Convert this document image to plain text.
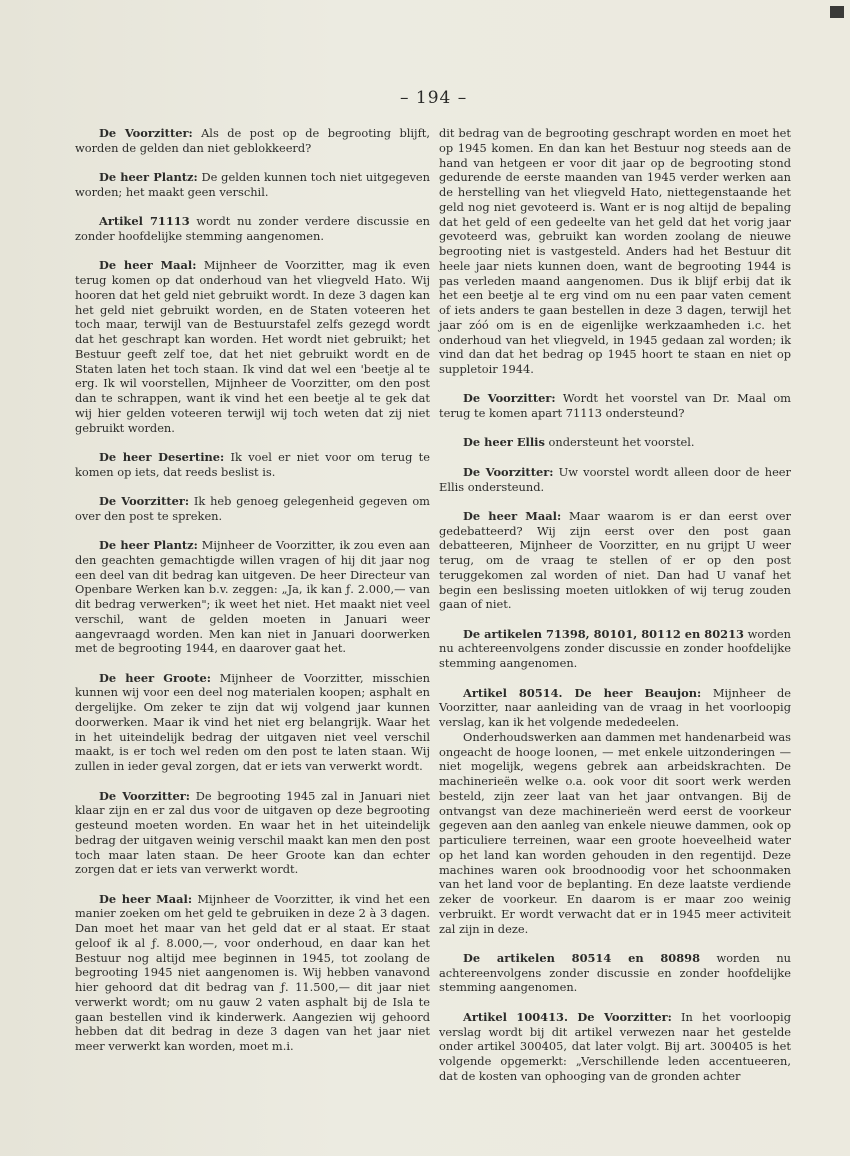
– 194 –

De Voorzitter: Als de post op de begrooting blijft, worden de gelden dan niet geblokkeerd?

De heer Plantz: De gelden kunnen toch niet uitgegeven worden; het maakt geen verschil.

Artikel 71113 wordt nu zonder verdere discussie en zonder hoofdelijke stemming aangenomen.

De heer Maal: Mijnheer de Voorzitter, mag ik even terug komen op dat onderhoud van het vliegveld Hato. Wij hooren dat het geld niet gebruikt wordt. In deze 3 dagen kan het geld niet gebruikt worden, en de Staten voteeren het toch maar, terwijl van de Bestuurstafel zelfs gezegd wordt dat het geschrapt kan worden. Het wordt niet gebruikt; het Bestuur geeft zelf toe, dat het niet gebruikt wordt en de Staten laten het toch staan. Ik vind dat wel een 'beetje al te erg. Ik wil voorstellen, Mijnheer de Voorzitter, om den post dan te schrappen, want ik vind het een beetje al te gek dat wij hier gelden voteeren terwijl wij toch weten dat zij niet gebruikt worden.

De heer Desertine: Ik voel er niet voor om terug te komen op iets, dat reeds beslist is.

De Voorzitter: Ik heb genoeg gelegenheid gegeven om over den post te spreken.

De heer Plantz: Mijnheer de Voorzitter, ik zou even aan den geachten gemachtigde willen vragen of hij dit jaar nog een deel van dit bedrag kan uitgeven. De heer Directeur van Openbare Werken kan b.v. zeggen: „Ja, ik kan ƒ. 2.000,— van dit bedrag verwerken"; ik weet het niet. Het maakt niet veel verschil, want de gelden moeten in Januari weer aangevraagd worden. Men kan niet in Januari doorwerken met de begrooting 1944, en daarover gaat het.

De heer Groote: Mijnheer de Voorzitter, misschien kunnen wij voor een deel nog materialen koopen; asphalt en dergelijke. Om zeker te zijn dat wij volgend jaar kunnen doorwerken. Maar ik vind het niet erg belangrijk. Waar het in het uiteindelijk bedrag der uitgaven niet veel verschil maakt, is er toch wel reden om den post te laten staan. Wij zullen in ieder geval zorgen, dat er iets van verwerkt wordt.

De Voorzitter: De begrooting 1945 zal in Januari niet klaar zijn en er zal dus voor de uitgaven op deze begrooting gesteund moeten worden. En waar het in het uiteindelijk bedrag der uitgaven weinig verschil maakt kan men den post toch maar laten staan. De heer Groote kan dan echter zorgen dat er iets van verwerkt wordt.

De heer Maal: Mijnheer de Voorzitter, ik vind het een manier zoeken om het geld te gebruiken in deze 2 à 3 dagen. Dan moet het maar van het geld dat er al staat. Er staat geloof ik al ƒ. 8.000,—, voor onderhoud, en daar kan het Bestuur nog altijd mee beginnen in 1945, tot zoolang de begrooting 1945 niet aangenomen is. Wij hebben vanavond hier gehoord dat dit bedrag van ƒ. 11.500,— dit jaar niet verwerkt wordt; om nu gauw 2 vaten asphalt bij de Isla te gaan bestellen vind ik kinderwerk. Aangezien wij gehoord hebben dat dit bedrag in deze 3 dagen van het jaar niet meer verwerkt kan worden, moet m.i.

dit bedrag van de begrooting geschrapt worden en moet het op 1945 komen. En dan kan het Bestuur nog steeds aan de hand van hetgeen er voor dit jaar op de begrooting stond gedurende de eerste maanden van 1945 verder werken aan de herstelling van het vliegveld Hato, niettegenstaande het geld nog niet gevoteerd is. Want er is nog altijd de bepaling dat het geld of een gedeelte van het geld dat het vorig jaar gevoteerd was, gebruikt kan worden zoolang de nieuwe begrooting niet is vastgesteld. Anders had het Bestuur dit heele jaar niets kunnen doen, want de begrooting 1944 is pas verleden maand aangenomen. Dus ik blijf erbij dat ik het een beetje al te erg vind om nu een paar vaten cement of iets anders te gaan bestellen in deze 3 dagen, terwijl het jaar zóó om is en de eigenlijke werkzaamheden i.c. het onderhoud van het vliegveld, in 1945 gedaan zal worden; ik vind dan dat het bedrag op 1945 hoort te staan en niet op suppletoir 1944.

De Voorzitter: Wordt het voorstel van Dr. Maal om terug te komen apart 71113 ondersteund?

De heer Ellis ondersteunt het voorstel.

De Voorzitter: Uw voorstel wordt alleen door de heer Ellis ondersteund.

De heer Maal: Maar waarom is er dan eerst over gedebatteerd? Wij zijn eerst over den post gaan debatteeren, Mijnheer de Voorzitter, en nu grijpt U weer terug, om de vraag te stellen of er op den post teruggekomen zal worden of niet. Dan had U vanaf het begin een beslissing moeten uitlokken of wij terug zouden gaan of niet.

De artikelen 71398, 80101, 80112 en 80213 worden nu achtereenvolgens zonder discussie en zonder hoofdelijke stemming aangenomen.

Artikel 80514. De heer Beaujon: Mijnheer de Voorzitter, naar aanleiding van de vraag in het voorloopig verslag, kan ik het volgende mededeelen.

Onderhoudswerken aan dammen met handenarbeid was ongeacht de hooge loonen, — met enkele uitzonderingen — niet mogelijk, wegens gebrek aan arbeidskrachten. De machinerieën welke o.a. ook voor dit soort werk werden besteld, zijn zeer laat van het jaar ontvangen. Bij de ontvangst van deze machinerieën werd eerst de voorkeur gegeven aan den aanleg van enkele nieuwe dammen, ook op particuliere terreinen, waar een groote hoeveelheid water op het land kan worden gehouden in den regentijd. Deze machines waren ook broodnoodig voor het schoonmaken van het land voor de beplanting. En deze laatste verdiende zeker de voorkeur. En daarom is er maar zoo weinig verbruikt. Er wordt verwacht dat er in 1945 meer activiteit zal zijn in deze.

De artikelen 80514 en 80898 worden nu achtereenvolgens zonder discussie en zonder hoofdelijke stemming aangenomen.

Artikel 100413. De Voorzitter: In het voorloopig verslag wordt bij dit artikel verwezen naar het gestelde onder artikel 300405, dat later volgt. Bij art. 300405 is het volgende opgemerkt: „Verschillende leden accentueeren, dat de kosten van ophooging van de gronden achter
